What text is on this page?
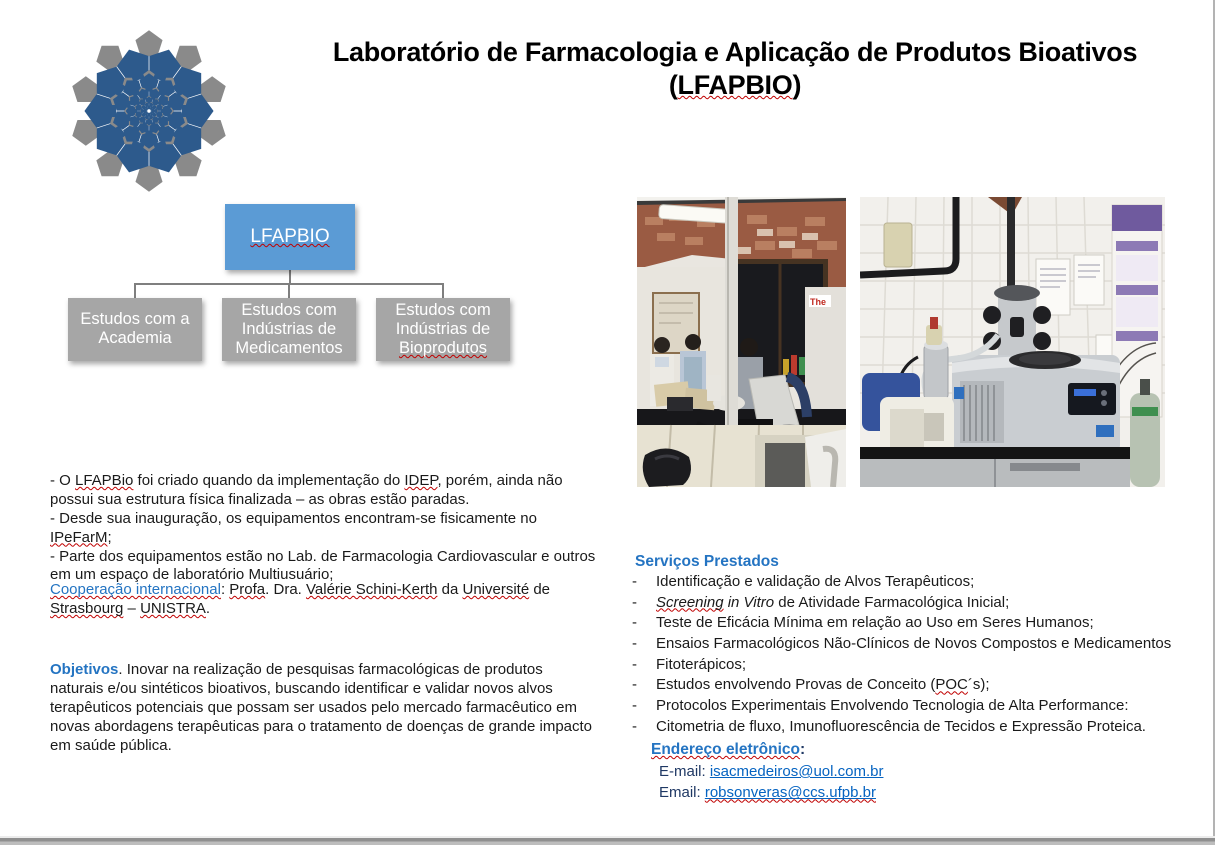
Laboratório de Farmacologia e Aplicação de Produtos Bioativos (LFAPBIO)
LFAPBIO
Estudos com a Academia
Estudos com Indústrias de Medicamentos
Estudos com Indústrias de Bioprodutos
The
- O LFAPBio foi criado quando da implementação do IDEP, porém, ainda não possui sua estrutura física finalizada – as obras estão paradas.
- Desde sua inauguração, os equipamentos encontram-se fisicamente no IPeFarM;
- Parte dos equipamentos estão no Lab. de Farmacologia Cardiovascular e outros em um espaço de laboratório Multiusuário;
Cooperação internacional: Profa. Dra. Valérie Schini-Kerth da Université de Strasbourg – UNISTRA.
Objetivos. Inovar na realização de pesquisas farmacológicas de produtos naturais e/ou sintéticos bioativos, buscando identificar e validar novos alvos terapêuticos potenciais que possam ser usados pelo mercado farmacêutico em novas abordagens terapêuticas para o tratamento de doenças de grande impacto em saúde pública.
Serviços Prestados
- Identificação e validação de Alvos Terapêuticos;
- Screening in Vitro de Atividade Farmacológica Inicial;
- Teste de Eficácia Mínima em relação ao Uso em Seres Humanos;
- Ensaios Farmacológicos Não-Clínicos de Novos Compostos e Medicamentos
- Fitoterápicos;
- Estudos envolvendo Provas de Conceito (POC´s);
- Protocolos Experimentais Envolvendo Tecnologia de Alta Performance:
- Citometria de fluxo, Imunofluorescência de Tecidos e Expressão Proteica.
Endereço eletrônico:
E-mail: isacmedeiros@uol.com.br
Email: robsonveras@ccs.ufpb.br
